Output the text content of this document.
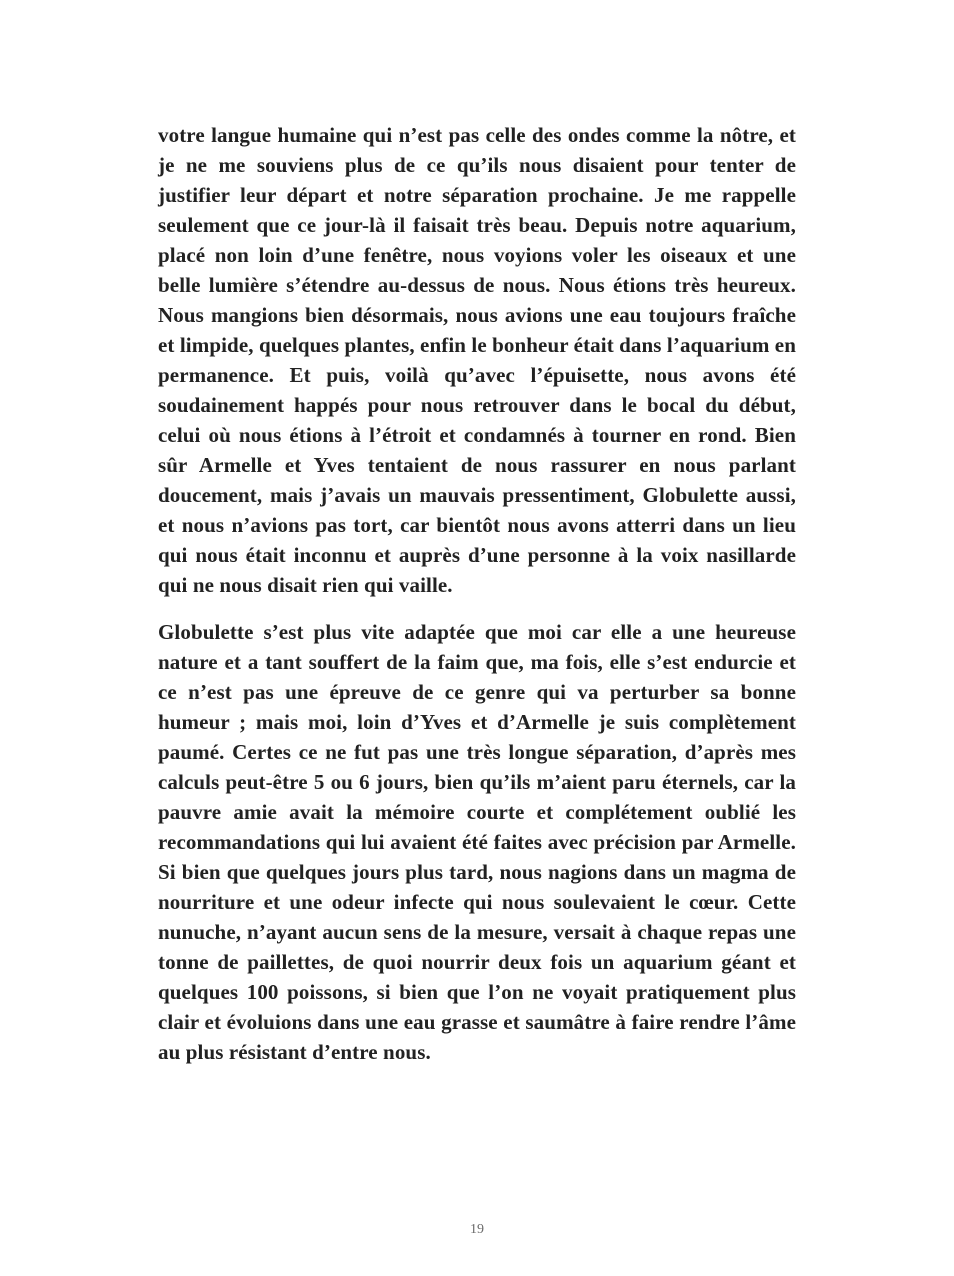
votre langue humaine qui n’est pas celle des ondes comme la nôtre, et je ne me souviens plus de ce qu’ils nous disaient pour tenter de justifier leur départ et notre séparation prochaine. Je me rappelle seulement que ce jour-là il faisait très beau. Depuis notre aquarium, placé non loin d’une fenêtre, nous voyions voler les oiseaux et une belle lumière s’étendre au-dessus de nous. Nous étions très heureux. Nous mangions bien désormais, nous avions une eau toujours fraîche et limpide, quelques plantes, enfin le bonheur était dans l’aquarium en permanence. Et puis, voilà qu’avec l’épuisette, nous avons été soudainement happés pour nous retrouver dans le bocal du début, celui où nous étions à l’étroit et condamnés à tourner en rond. Bien sûr Armelle et Yves tentaient de nous rassurer en nous parlant doucement, mais j’avais un mauvais pressentiment, Globulette aussi, et nous n’avions pas tort, car bientôt nous avons atterri dans un lieu qui nous était inconnu et auprès d’une personne à la voix nasillarde qui ne nous disait rien qui vaille.

Globulette s’est plus vite adaptée que moi car elle a une heureuse nature et a tant souffert de la faim que, ma fois, elle s’est endurcie et ce n’est pas une épreuve de ce genre qui va perturber sa bonne humeur ; mais moi, loin d’Yves et d’Armelle je suis complètement paumé. Certes ce ne fut pas une très longue séparation, d’après mes calculs peut-être 5 ou 6 jours, bien qu’ils m’aient paru éternels, car la pauvre amie avait la mémoire courte et complétement oublié les recommandations qui lui avaient été faites avec précision par Armelle. Si bien que quelques jours plus tard, nous nagions dans un magma de nourriture et une odeur infecte qui nous soulevaient le cœur. Cette nunuche, n’ayant aucun sens de la mesure, versait à chaque repas une tonne de paillettes, de quoi nourrir deux fois un aquarium géant et quelques 100 poissons, si bien que l’on ne voyait pratiquement plus clair et évoluions dans une eau grasse et saumâtre à faire rendre l’âme au plus résistant d’entre nous.

19
